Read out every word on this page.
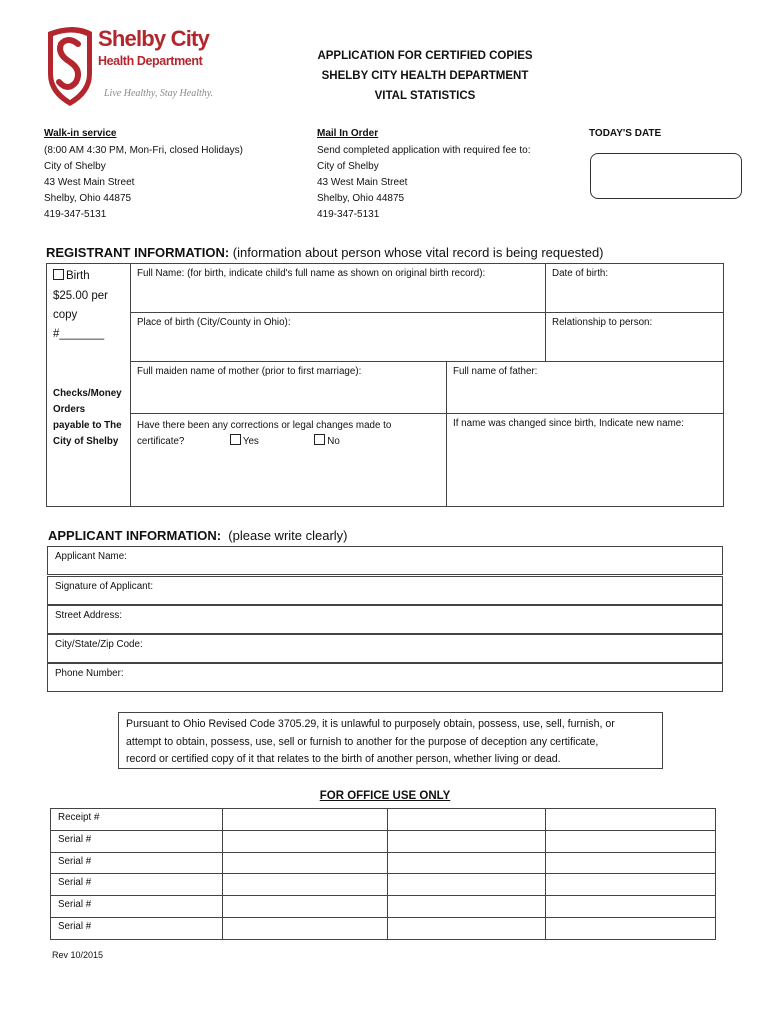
Shelby City
Health Department
Live Healthy, Stay Healthy.
APPLICATION FOR CERTIFIED COPIES
SHELBY CITY HEALTH DEPARTMENT
VITAL STATISTICS
Walk-in service
(8:00 AM 4:30 PM, Mon-Fri, closed Holidays)
City of Shelby
43 West Main Street
Shelby, Ohio 44875
419-347-5131
Mail In Order
Send completed application with required fee to:
City of Shelby
43 West Main Street
Shelby, Ohio 44875
419-347-5131
TODAY'S DATE
REGISTRANT INFORMATION: (information about person whose vital record is being requested)
Birth
$25.00 per
copy
#_______
Checks/Money
Orders
payable to The
City of Shelby
Full Name: (for birth, indicate child's full name as shown on original birth record):	Date of birth:
Place of birth (City/County in Ohio):	Relationship to person:
Full maiden name of mother (prior to first marriage):	Full name of father:
Have there been any corrections or legal changes made to
certificate?	Yes	No
If name was changed since birth, Indicate new name:
APPLICANT INFORMATION:  (please write clearly)
Applicant Name:
Signature of Applicant:
Street Address:
City/State/Zip Code:
Phone Number:
Pursuant to Ohio Revised Code 3705.29, it is unlawful to purposely obtain, possess, use, sell, furnish, or
attempt to obtain, possess, use, sell or furnish to another for the purpose of deception any certificate,
record or certified copy of it that relates to the birth of another person, whether living or dead.
FOR OFFICE USE ONLY
Receipt #			
Serial #			
Serial #			
Serial #			
Serial #			
Serial #			
Rev 10/2015
